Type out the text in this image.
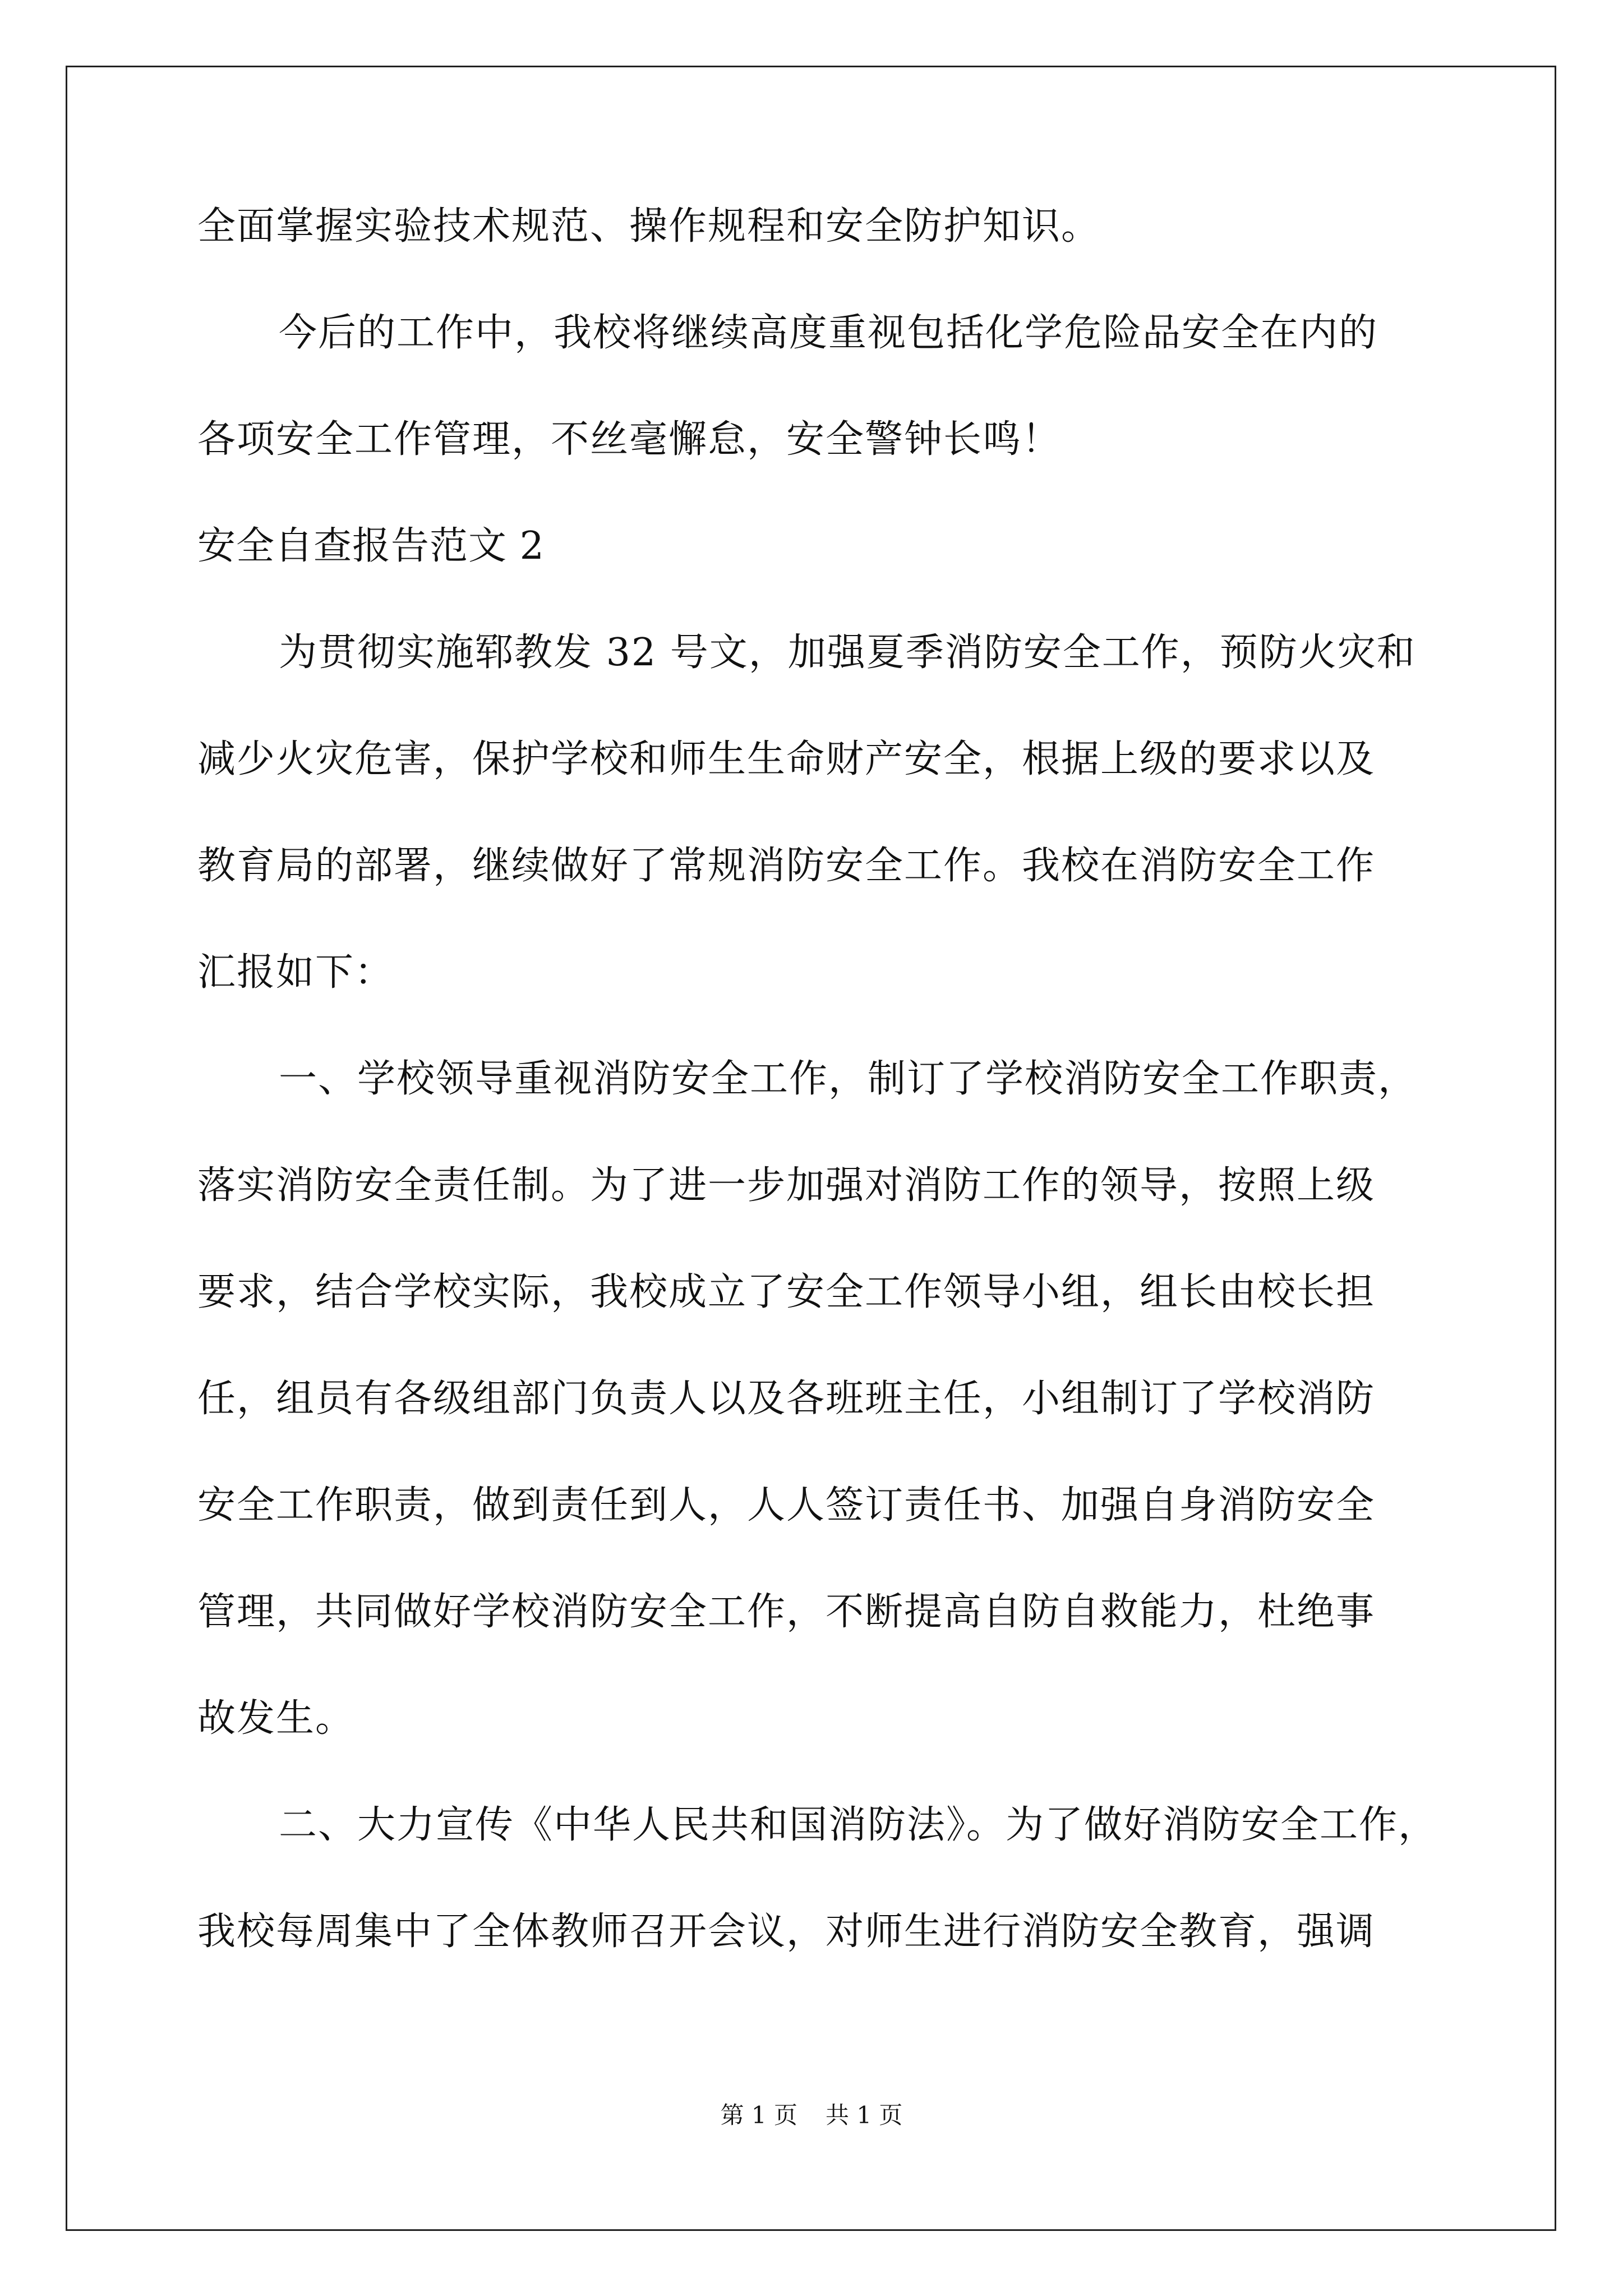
全面掌握实验技术规范、操作规程和安全防护知识。
今后的工作中，我校将继续高度重视包括化学危险品安全在内的
各项安全工作管理，不丝毫懈怠，安全警钟长鸣！
安全自查报告范文 2
为贯彻实施郓教发 32 号文，加强夏季消防安全工作，预防火灾和
减少火灾危害，保护学校和师生生命财产安全，根据上级的要求以及
教育局的部署，继续做好了常规消防安全工作。我校在消防安全工作
汇报如下：
一、学校领导重视消防安全工作，制订了学校消防安全工作职责，
落实消防安全责任制。为了进一步加强对消防工作的领导，按照上级
要求，结合学校实际，我校成立了安全工作领导小组，组长由校长担
任，组员有各级组部门负责人以及各班班主任，小组制订了学校消防
安全工作职责，做到责任到人，人人签订责任书、加强自身消防安全
管理，共同做好学校消防安全工作，不断提高自防自救能力，杜绝事
故发生。
二、大力宣传《中华人民共和国消防法》。为了做好消防安全工作，
我校每周集中了全体教师召开会议，对师生进行消防安全教育，强调
第 1 页 共 1 页
